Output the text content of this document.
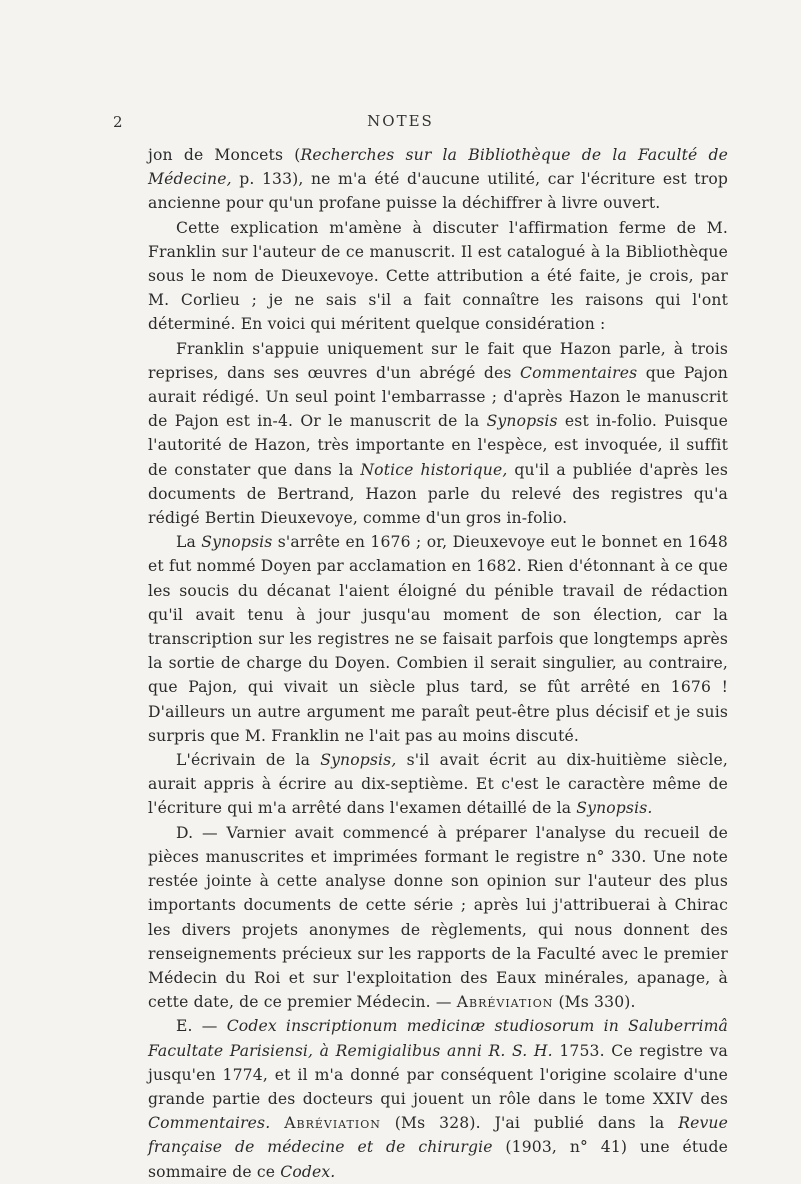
2	NOTES

jon de Moncets (Recherches sur la Bibliothèque de la Faculté de Médecine, p. 133), ne m'a été d'aucune utilité, car l'écriture est trop ancienne pour qu'un profane puisse la déchiffrer à livre ouvert.

Cette explication m'amène à discuter l'affirmation ferme de M. Franklin sur l'auteur de ce manuscrit. Il est catalogué à la Bibliothèque sous le nom de Dieuxevoye. Cette attribution a été faite, je crois, par M. Corlieu ; je ne sais s'il a fait connaître les raisons qui l'ont déterminé. En voici qui méritent quelque considération :

Franklin s'appuie uniquement sur le fait que Hazon parle, à trois reprises, dans ses œuvres d'un abrégé des Commentaires que Pajon aurait rédigé. Un seul point l'embarrasse ; d'après Hazon le manuscrit de Pajon est in-4. Or le manuscrit de la Synopsis est in-folio. Puisque l'autorité de Hazon, très importante en l'espèce, est invoquée, il suffit de constater que dans la Notice historique, qu'il a publiée d'après les documents de Bertrand, Hazon parle du relevé des registres qu'a rédigé Bertin Dieuxevoye, comme d'un gros in-folio.

La Synopsis s'arrête en 1676 ; or, Dieuxevoye eut le bonnet en 1648 et fut nommé Doyen par acclamation en 1682. Rien d'étonnant à ce que les soucis du décanat l'aient éloigné du pénible travail de rédaction qu'il avait tenu à jour jusqu'au moment de son élection, car la transcription sur les registres ne se faisait parfois que longtemps après la sortie de charge du Doyen. Combien il serait singulier, au contraire, que Pajon, qui vivait un siècle plus tard, se fût arrêté en 1676 ! D'ailleurs un autre argument me paraît peut-être plus décisif et je suis surpris que M. Franklin ne l'ait pas au moins discuté.

L'écrivain de la Synopsis, s'il avait écrit au dix-huitième siècle, aurait appris à écrire au dix-septième. Et c'est le caractère même de l'écriture qui m'a arrêté dans l'examen détaillé de la Synopsis.

D. — Varnier avait commencé à préparer l'analyse du recueil de pièces manuscrites et imprimées formant le registre n° 330. Une note restée jointe à cette analyse donne son opinion sur l'auteur des plus importants documents de cette série ; après lui j'attribuerai à Chirac les divers projets anonymes de règlements, qui nous donnent des renseignements précieux sur les rapports de la Faculté avec le premier Médecin du Roi et sur l'exploitation des Eaux minérales, apanage, à cette date, de ce premier Médecin. — Abréviation (Ms 330).

E. — Codex inscriptionum medicinæ studiosorum in Saluberrimâ Facultate Parisiensi, à Remigialibus anni R. S. H. 1753. Ce registre va jusqu'en 1774, et il m'a donné par conséquent l'origine scolaire d'une grande partie des docteurs qui jouent un rôle dans le tome XXIV des Commentaires. Abréviation (Ms 328). J'ai publié dans la Revue française de médecine et de chirurgie (1903, n° 41) une étude sommaire de ce Codex.
